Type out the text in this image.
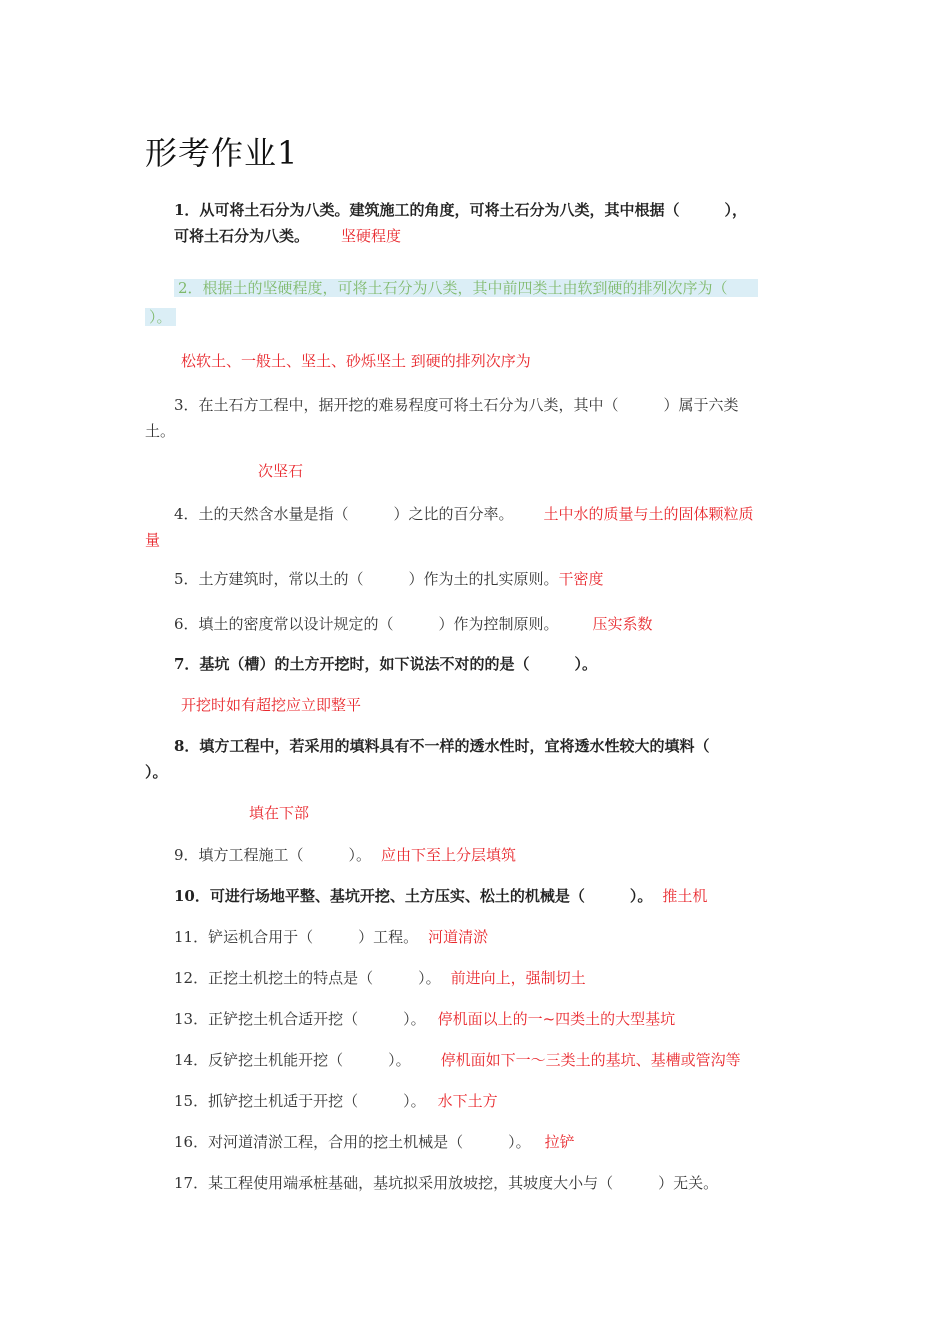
形考作业1
1．从可将土石分为八类。建筑施工的角度，可将土石分为八类，其中根据（　　　），
可将土石分为八类。 坚硬程度
2．根据土的坚硬程度，可将土石分为八类，其中前四类土由软到硬的排列次序为（
）。
松软土、一般土、坚土、砂烁坚土 到硬的排列次序为
3．在土石方工程中，据开挖的难易程度可将土石分为八类，其中（　　　）属于六类
土。
次坚石
4．土的天然含水量是指（　　　）之比的百分率。 土中水的质量与土的固体颗粒质
量
5．土方建筑时，常以土的（　　　）作为土的扎实原则。干密度
6．填土的密度常以设计规定的（　　　）作为控制原则。 压实系数
7．基坑（槽）的土方开挖时，如下说法不对的的是（　　　）。
开挖时如有超挖应立即整平
8．填方工程中，若采用的填料具有不一样的透水性时，宜将透水性较大的填料（
）。
填在下部
9．填方工程施工（　　　）。 应由下至上分层填筑
10．可进行场地平整、基坑开挖、土方压实、松土的机械是（　　　）。 推土机
11．铲运机合用于（　　　）工程。 河道清淤
12．正挖土机挖土的特点是（　　　）。 前进向上，强制切土
13．正铲挖土机合适开挖（　　　）。 停机面以上的一~四类土的大型基坑
14．反铲挖土机能开挖（　　　）。 停机面如下一～三类土的基坑、基槽或管沟等
15．抓铲挖土机适于开挖（　　　）。 水下土方
16．对河道清淤工程，合用的挖土机械是（　　　）。 拉铲
17．某工程使用端承桩基础，基坑拟采用放坡挖，其坡度大小与（　　　）无关。
